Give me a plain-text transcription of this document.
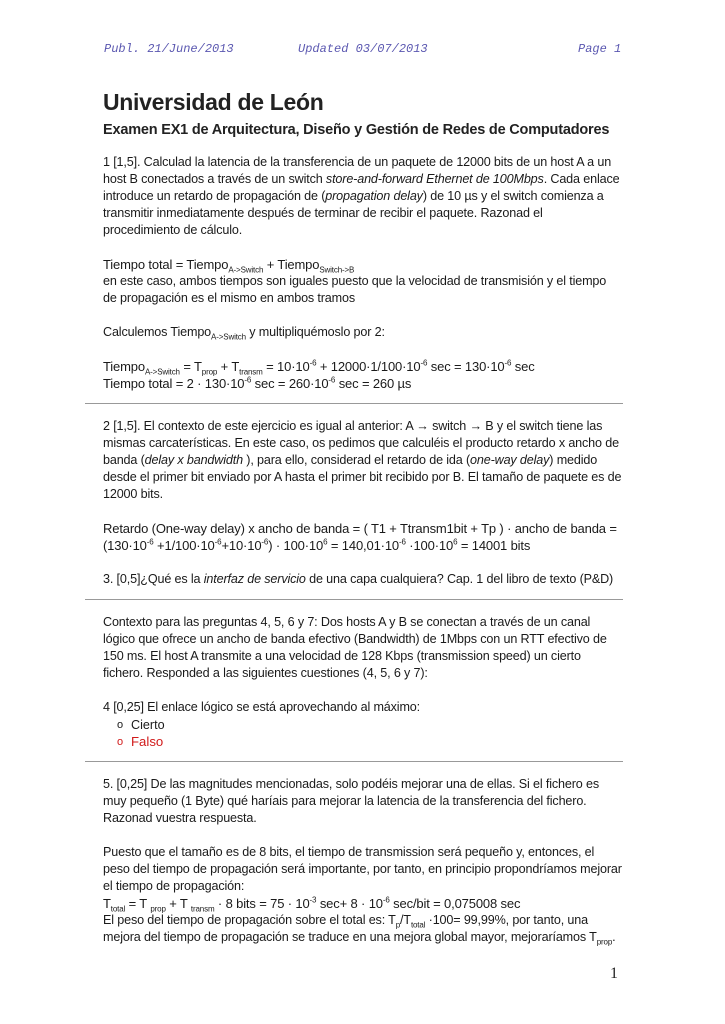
Publ. 21/June/2013	Updated 03/07/2013	Page 1
Universidad de León
Examen EX1 de Arquitectura, Diseño y Gestión de Redes de Computadores

1 [1,5]. Calculad la latencia de la transferencia de un paquete de 12000 bits de un host A a un host B conectados a través de un switch store-and-forward Ethernet de 100Mbps. Cada enlace introduce un retardo de propagación de (propagation delay) de 10 µs y el switch comienza a transmitir inmediatamente después de terminar de recibir el paquete. Razonad el procedimiento de cálculo.

Tiempo total = Tiempo$_{A->Switch}$ + Tiempo$_{Switch->B}$

en este caso, ambos tiempos son iguales puesto que la velocidad de transmisión y el tiempo de propagación es el mismo en ambos tramos

Calculemos Tiempo$_{A->Switch}$ y multipliquémoslo por 2:

Tiempo$_{A->Switch}$ = $T_{prop} + T_{transm} = 10\cdot 10^{-6} + 12000\cdot 1/100\cdot 10^{-6}$ $\sec = 130\cdot 10^{-6}$ sec

Tiempo total = $2 \cdot 130\cdot 10^{-6}$ $\sec = 260\cdot 10^{-6}$ sec = 260 µs

2 [1,5]. El contexto de este ejercicio es igual al anterior: A → switch → B y el switch tiene las mismas carcaterísticas. En este caso, os pedimos que calculéis el producto retardo x ancho de banda (delay x bandwidth ), para ello, considerad el retardo de ida (one-way delay) medido desde el primer bit enviado por A hasta el primer bit recibido por B. El tamaño de paquete es de 12000 bits.

Retardo (One-way delay) x ancho de banda = ( T1 + Ttransm1bit + Tp ) · ancho de banda = $(130\cdot 10^{-6} +1/100\cdot 10^{-6}+10\cdot 10^{-6}) \cdot 100\cdot 10^6 = 140,01\cdot 10^{-6} \cdot 100\cdot 10^6 = 14001$ bits

3. [0,5]¿Qué es la interfaz de servicio de una capa cualquiera? Cap. 1 del libro de texto (P&D)

Contexto para las preguntas 4, 5, 6 y 7: Dos hosts A y B se conectan a través de un canal lógico que ofrece un ancho de banda efectivo (Bandwidth) de 1Mbps con un RTT efectivo de 150 ms. El host A transmite a una velocidad de 128 Kbps (transmission speed) un cierto fichero. Responded a las siguientes cuestiones (4, 5, 6 y 7):

4 [0,25] El enlace lógico se está aprovechando al máximo:

o Cierto
o Falso

5. [0,25] De las magnitudes mencionadas, solo podéis mejorar una de ellas. Si el fichero es muy pequeño (1 Byte) qué haríais para mejorar la latencia de la transferencia del fichero. Razonad vuestra respuesta.

Puesto que el tamaño es de 8 bits, el tiempo de transmission será pequeño y, entonces, el peso del tiempo de propagación será importante, por tanto, en principio propondríamos mejorar el tiempo de propagación:

$T_{total} = T$ $_{prop}$ + T $_{transm}$ · 8 bits = $75 \cdot 10^{-3}$ $\sec+ 8 \cdot 10^{-6}$ sec/bit = 0,075008 sec

El peso del tiempo de propagación sobre el total es: $T_p/T_{total} \cdot 100= 99,99\%$, por tanto, una mejora del tiempo de propagación se traduce en una mejora global mayor, mejoraríamos $T_{prop}$.

1
